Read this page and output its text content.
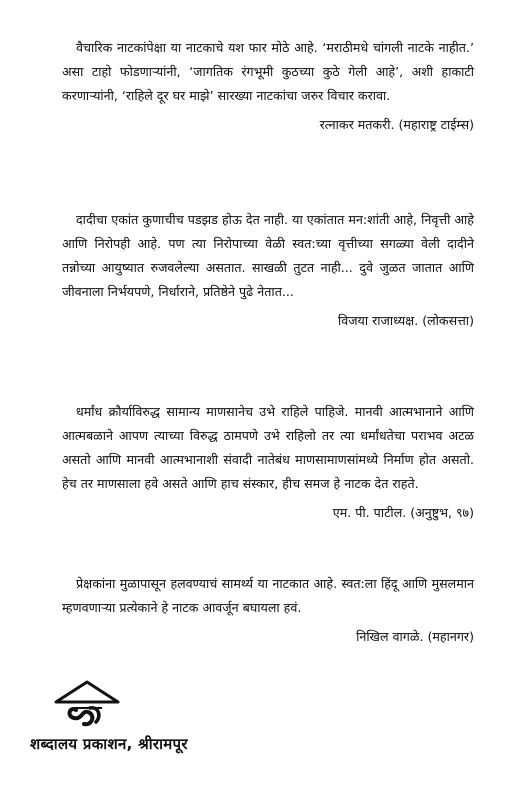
वैचारिक नाटकांपेक्षा या नाटकाचे यश फार मोठे आहे. ‘मराठीमधे चांगली नाटके नाहीत.’ असा टाहो फोडणाऱ्यांनी, ‘जागतिक रंगभूमी कुठच्या कुठे गेली आहे’, अशी हाकाटी करणाऱ्यांनी, ‘राहिले दूर घर माझे’ सारख्या नाटकांचा जरुर विचार करावा.

रत्नाकर मतकरी. (महाराष्ट्र टाईम्स)

दादीचा एकांत कुणाचीच पडझड होऊ देत नाही. या एकांतात मन:शांती आहे, निवृत्ती आहे आणि निरोपही आहे. पण त्या निरोपाच्या वेळी स्वत:च्या वृत्तीच्या सगळ्या वेली दादीने तन्नोच्या आयुष्यात रुजवलेल्या असतात. साखळी तुटत नाही... दुवे जुळत जातात आणि जीवनाला निर्भयपणे, निर्धाराने, प्रतिष्ठेने पुढे नेतात...

विजया राजाध्यक्ष. (लोकसत्ता)

धर्मांध क्रौर्याविरुद्ध सामान्य माणसानेच उभे राहिले पाहिजे. मानवी आत्मभानाने आणि आत्मबळाने आपण त्याच्या विरुद्ध ठामपणे उभे राहिलो तर त्या धर्मांधतेचा पराभव अटळ असतो आणि मानवी आत्मभानाशी संवादी नातेबंध माणसामाणसांमध्ये निर्माण होत असतो. हेच तर माणसाला हवे असते आणि हाच संस्कार, हीच समज हे नाटक देत राहते.

एम. पी. पाटील. (अनुष्टुभ, ९७)

प्रेक्षकांना मुळापासून हलवण्याचं सामर्थ्य या नाटकात आहे. स्वत:ला हिंदू आणि मुसलमान म्हणवणाऱ्या प्रत्येकाने हे नाटक आवर्जून बघायला हवं.

निखिल वागळे. (महानगर)

शब्दालय प्रकाशन, श्रीरामपूर
